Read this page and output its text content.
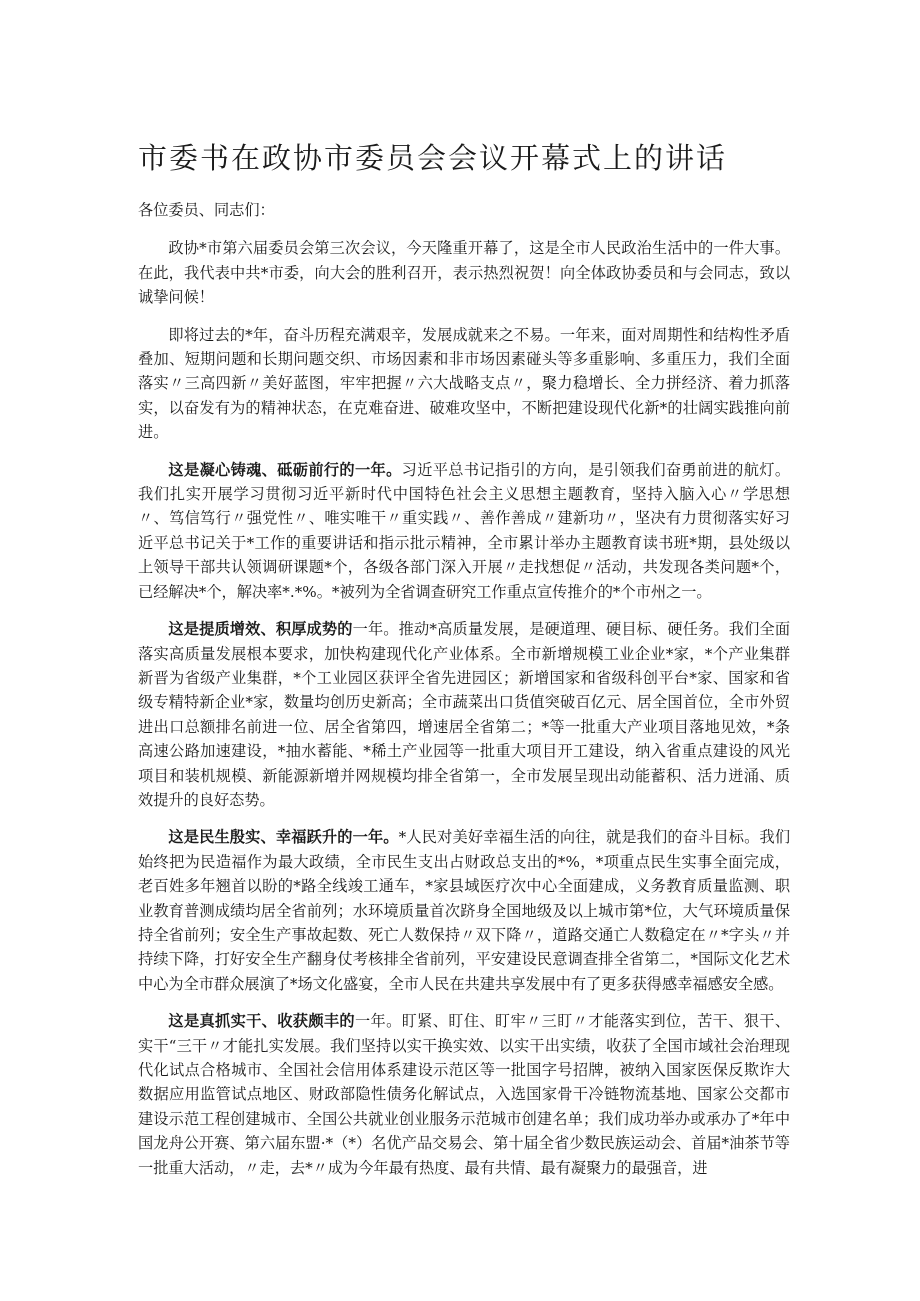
市委书在政协市委员会会议开幕式上的讲话

各位委员、同志们：

政协*市第六届委员会第三次会议，今天隆重开幕了，这是全市人民政治生活中的一件大事。在此，我代表中共*市委，向大会的胜利召开，表示热烈祝贺！向全体政协委员和与会同志，致以诚挚问候！

即将过去的*年，奋斗历程充满艰辛，发展成就来之不易。一年来，面对周期性和结构性矛盾叠加、短期问题和长期问题交织、市场因素和非市场因素碰头等多重影响、多重压力，我们全面落实〃三高四新〃美好蓝图，牢牢把握〃六大战略支点〃，聚力稳增长、全力拼经济、着力抓落实，以奋发有为的精神状态，在克难奋进、破难攻坚中，不断把建设现代化新*的壮阔实践推向前进。

这是凝心铸魂、砥砺前行的一年。习近平总书记指引的方向，是引领我们奋勇前进的航灯。我们扎实开展学习贯彻习近平新时代中国特色社会主义思想主题教育，坚持入脑入心〃学思想〃、笃信笃行〃强党性〃、唯实唯干〃重实践〃、善作善成〃建新功〃，坚决有力贯彻落实好习近平总书记关于*工作的重要讲话和指示批示精神，全市累计举办主题教育读书班*期，县处级以上领导干部共认领调研课题*个，各级各部门深入开展〃走找想促〃活动，共发现各类问题*个，已经解决*个，解决率*.*%。*被列为全省调查研究工作重点宣传推介的*个市州之一。

这是提质增效、积厚成势的一年。推动*高质量发展，是硬道理、硬目标、硬任务。我们全面落实高质量发展根本要求，加快构建现代化产业体系。全市新增规模工业企业*家，*个产业集群新晋为省级产业集群，*个工业园区获评全省先进园区；新增国家和省级科创平台*家、国家和省级专精特新企业*家，数量均创历史新高；全市蔬菜出口货值突破百亿元、居全国首位，全市外贸进出口总额排名前进一位、居全省第四，增速居全省第二；*等一批重大产业项目落地见效，*条高速公路加速建设，*抽水蓄能、*稀土产业园等一批重大项目开工建设，纳入省重点建设的风光项目和装机规模、新能源新增并网规模均排全省第一，全市发展呈现出动能蓄积、活力迸涌、质效提升的良好态势。

这是民生殷实、幸福跃升的一年。*人民对美好幸福生活的向往，就是我们的奋斗目标。我们始终把为民造福作为最大政绩，全市民生支出占财政总支出的*%，*项重点民生实事全面完成，老百姓多年翘首以盼的*路全线竣工通车，*家县域医疗次中心全面建成，义务教育质量监测、职业教育普测成绩均居全省前列；水环境质量首次跻身全国地级及以上城市第*位，大气环境质量保持全省前列；安全生产事故起数、死亡人数保持〃双下降〃，道路交通亡人数稳定在〃*字头〃并持续下降，打好安全生产翻身仗考核排全省前列，平安建设民意调查排全省第二，*国际文化艺术中心为全市群众展演了*场文化盛宴，全市人民在共建共享发展中有了更多获得感幸福感安全感。

这是真抓实干、收获颇丰的一年。盯紧、盯住、盯牢〃三盯〃才能落实到位，苦干、狠干、实干“三干〃才能扎实发展。我们坚持以实干换实效、以实干出实绩，收获了全国市域社会治理现代化试点合格城市、全国社会信用体系建设示范区等一批国字号招牌，被纳入国家医保反欺诈大数据应用监管试点地区、财政部隐性债务化解试点，入选国家骨干冷链物流基地、国家公交都市建设示范工程创建城市、全国公共就业创业服务示范城市创建名单；我们成功举办或承办了*年中国龙舟公开赛、第六届东盟·*（*）名优产品交易会、第十届全省少数民族运动会、首届*油茶节等一批重大活动，〃走，去*〃成为今年最有热度、最有共情、最有凝聚力的最强音，进
